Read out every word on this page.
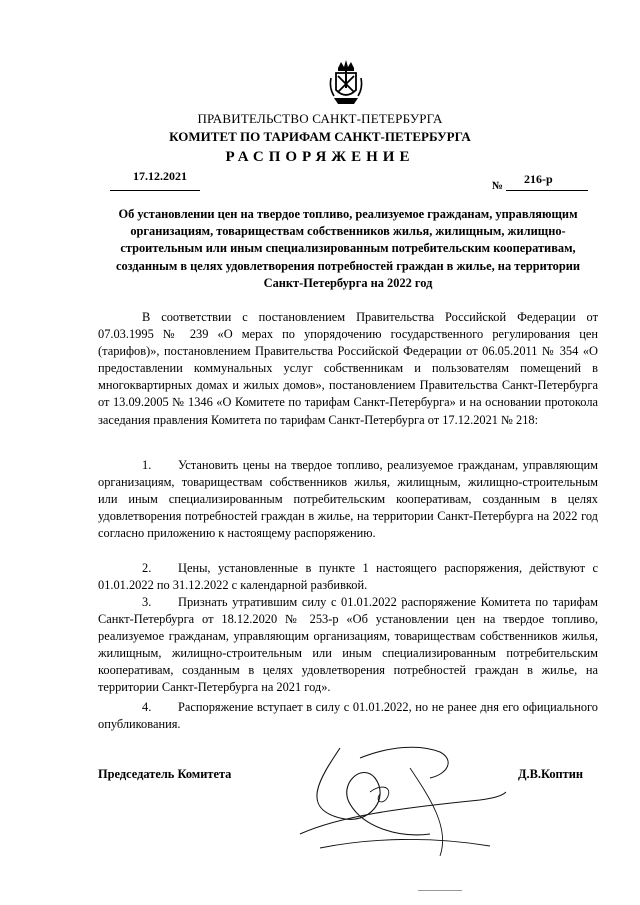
ПРАВИТЕЛЬСТВО САНКТ-ПЕТЕРБУРГА
КОМИТЕТ ПО ТАРИФАМ САНКТ-ПЕТЕРБУРГА
РАСПОРЯЖЕНИЕ
17.12.2021
№ 216-р
Об установлении цен на твердое топливо, реализуемое гражданам, управляющим организациям, товариществам собственников жилья, жилищным, жилищно-строительным или иным специализированным потребительским кооперативам, созданным в целях удовлетворения потребностей граждан в жилье, на территории Санкт-Петербурга на 2022 год
В соответствии с постановлением Правительства Российской Федерации от 07.03.1995 № 239 «О мерах по упорядочению государственного регулирования цен (тарифов)», постановлением Правительства Российской Федерации от 06.05.2011 № 354 «О предоставлении коммунальных услуг собственникам и пользователям помещений в многоквартирных домах и жилых домов», постановлением Правительства Санкт-Петербурга от 13.09.2005 № 1346 «О Комитете по тарифам Санкт-Петербурга» и на основании протокола заседания правления Комитета по тарифам Санкт-Петербурга от 17.12.2021 № 218:
1. Установить цены на твердое топливо, реализуемое гражданам, управляющим организациям, товариществам собственников жилья, жилищным, жилищно-строительным или иным специализированным потребительским кооперативам, созданным в целях удовлетворения потребностей граждан в жилье, на территории Санкт-Петербурга на 2022 год согласно приложению к настоящему распоряжению.
2. Цены, установленные в пункте 1 настоящего распоряжения, действуют с 01.01.2022 по 31.12.2022 с календарной разбивкой.
3. Признать утратившим силу с 01.01.2022 распоряжение Комитета по тарифам Санкт-Петербурга от 18.12.2020 № 253-р «Об установлении цен на твердое топливо, реализуемое гражданам, управляющим организациям, товариществам собственников жилья, жилищным, жилищно-строительным или иным специализированным потребительским кооперативам, созданным в целях удовлетворения потребностей граждан в жилье, на территории Санкт-Петербурга на 2021 год».
4. Распоряжение вступает в силу с 01.01.2022, но не ранее дня его официального опубликования.
Председатель Комитета	Д.В.Коптин
